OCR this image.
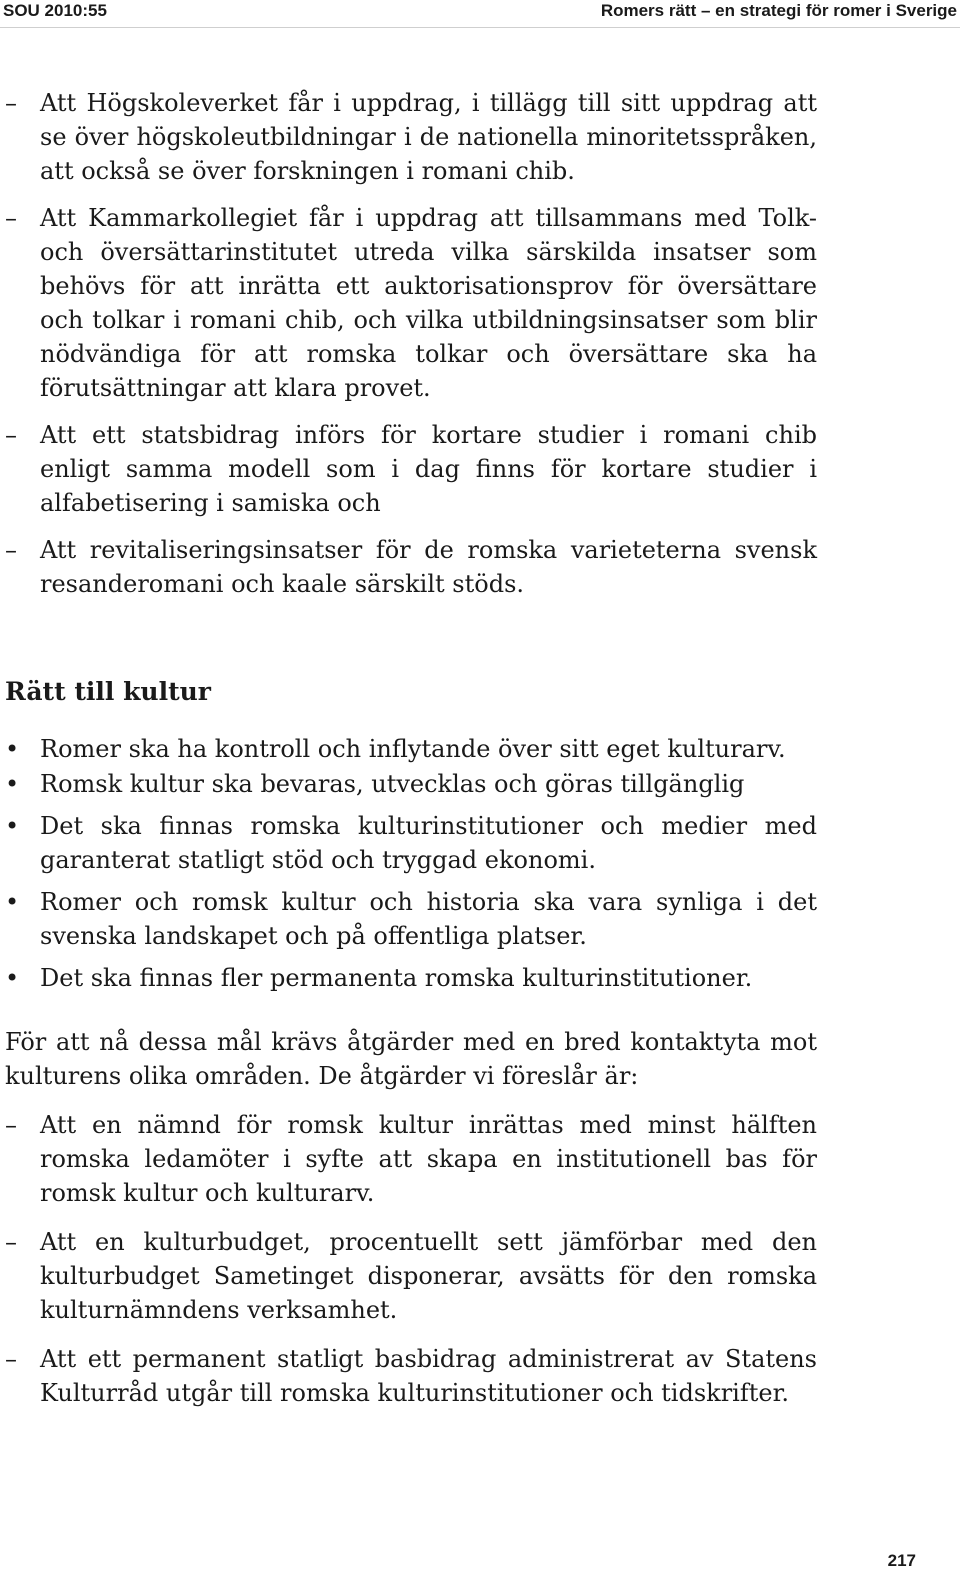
SOU 2010:55	Romers rätt – en strategi för romer i Sverige
– Att Högskoleverket får i uppdrag, i tillägg till sitt uppdrag att se över högskoleutbildningar i de nationella minoritetsspråken, att också se över forskningen i romani chib.
– Att Kammarkollegiet får i uppdrag att tillsammans med Tolk- och översättarinstitutet utreda vilka särskilda insatser som behövs för att inrätta ett auktorisationsprov för översättare och tolkar i romani chib, och vilka utbildningsinsatser som blir nödvändiga för att romska tolkar och översättare ska ha förutsättningar att klara provet.
– Att ett statsbidrag införs för kortare studier i romani chib enligt samma modell som i dag finns för kortare studier i alfabetisering i samiska och
– Att revitaliseringsinsatser för de romska varieteterna svensk resanderomani och kaale särskilt stöds.
Rätt till kultur
• Romer ska ha kontroll och inflytande över sitt eget kulturarv.
• Romsk kultur ska bevaras, utvecklas och göras tillgänglig
• Det ska finnas romska kulturinstitutioner och medier med garanterat statligt stöd och tryggad ekonomi.
• Romer och romsk kultur och historia ska vara synliga i det svenska landskapet och på offentliga platser.
• Det ska finnas fler permanenta romska kulturinstitutioner.
För att nå dessa mål krävs åtgärder med en bred kontaktyta mot kulturens olika områden. De åtgärder vi föreslår är:
– Att en nämnd för romsk kultur inrättas med minst hälften romska ledamöter i syfte att skapa en institutionell bas för romsk kultur och kulturarv.
– Att en kulturbudget, procentuellt sett jämförbar med den kulturbudget Sametinget disponerar, avsätts för den romska kulturnämndens verksamhet.
– Att ett permanent statligt basbidrag administrerat av Statens Kulturråd utgår till romska kulturinstitutioner och tidskrifter.
217
